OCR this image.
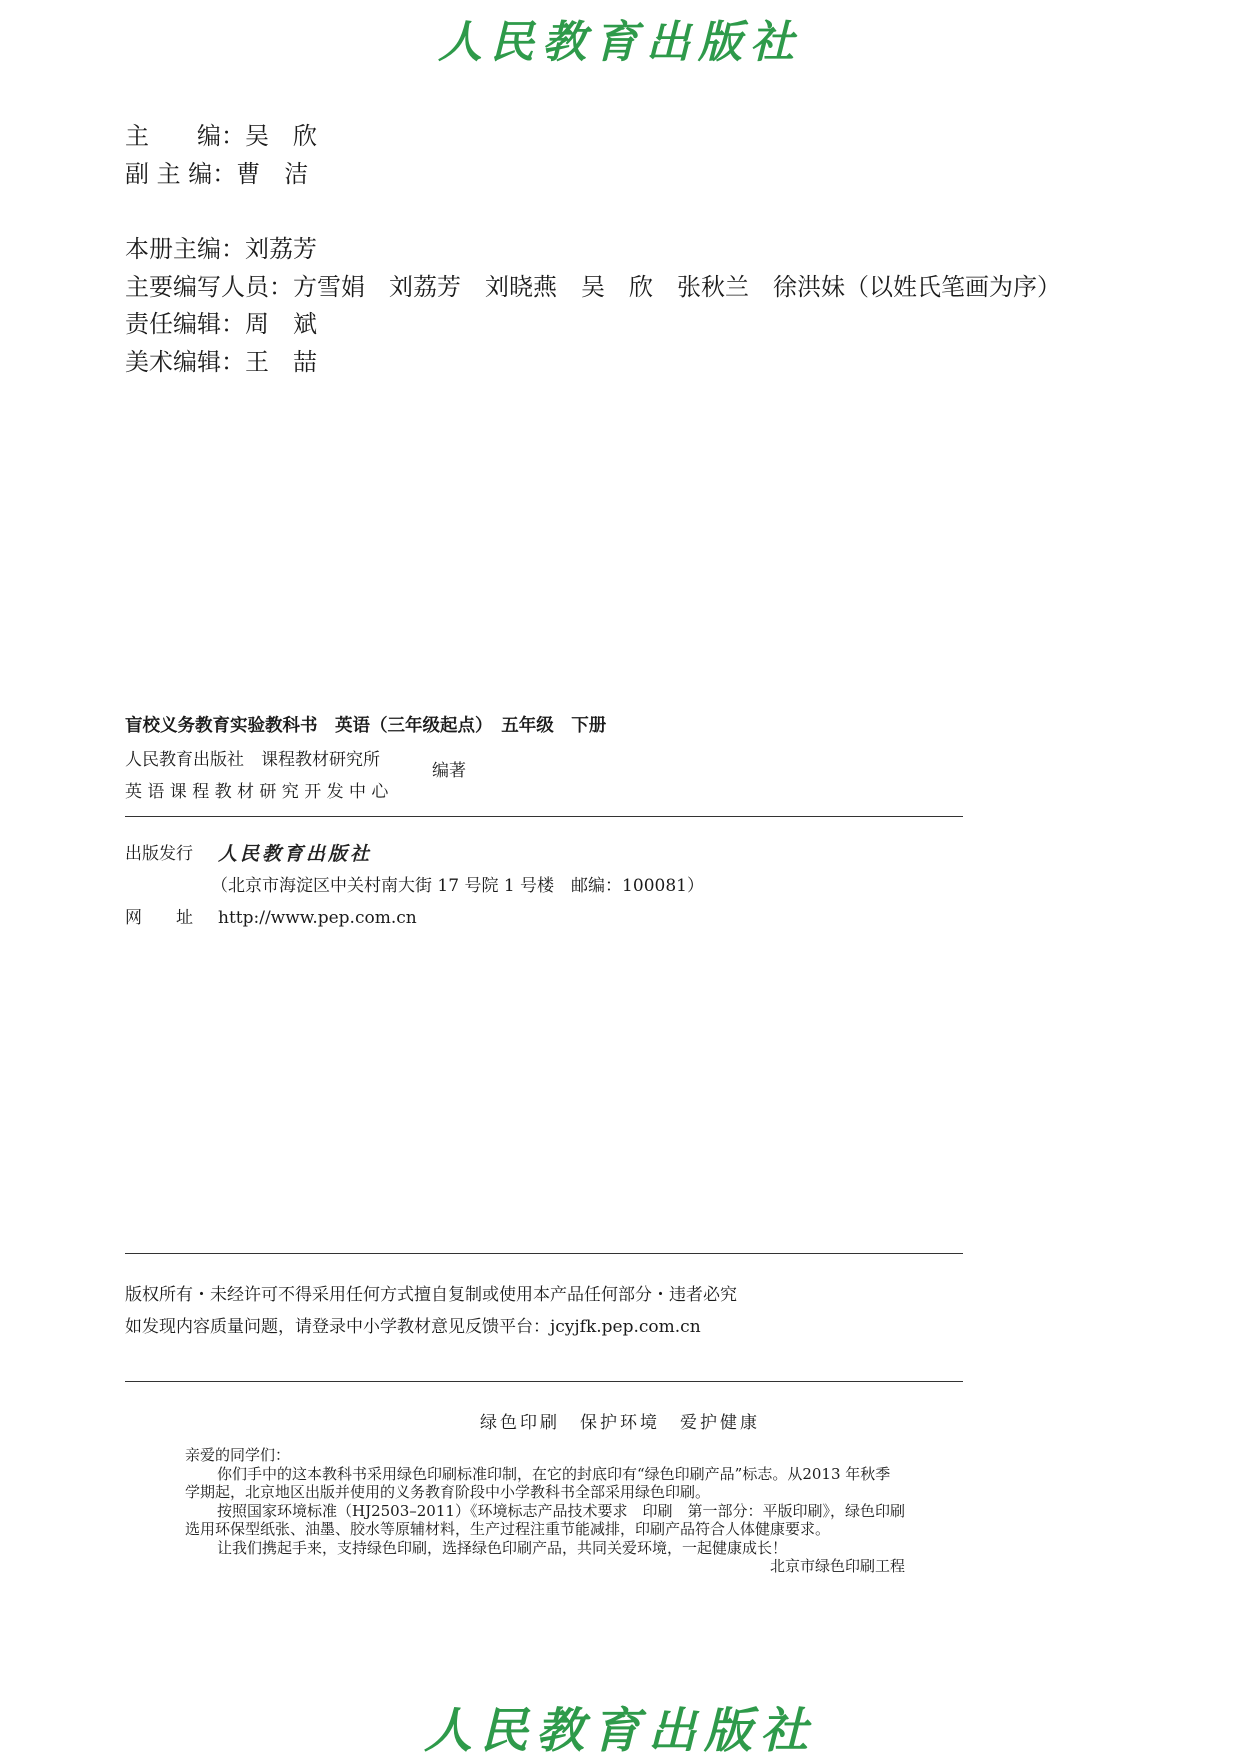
人民教育出版社
主　　编：吴　欣
副 主 编：曹　洁
本册主编：刘荔芳
主要编写人员：方雪娟　刘荔芳　刘晓燕　吴　欣　张秋兰　徐洪妹（以姓氏笔画为序）
责任编辑：周　斌
美术编辑：王　喆
盲校义务教育实验教科书　英语（三年级起点）　五年级　下册
人民教育出版社　课程教材研究所
英语课程教材研究开发中心
编著
出版发行 人民教育出版社
（北京市海淀区中关村南大街 17 号院 1 号楼　邮编：100081）
网　　址 http://www.pep.com.cn
版权所有・未经许可不得采用任何方式擅自复制或使用本产品任何部分・违者必究
如发现内容质量问题，请登录中小学教材意见反馈平台：jcyjfk.pep.com.cn
绿色印刷　保护环境　爱护健康

亲爱的同学们：

你们手中的这本教科书采用绿色印刷标准印制，在它的封底印有“绿色印刷产品”标志。从2013 年秋季学期起，北京地区出版并使用的义务教育阶段中小学教科书全部采用绿色印刷。

按照国家环境标准（HJ2503–2011）《环境标志产品技术要求　印刷　第一部分：平版印刷》，绿色印刷选用环保型纸张、油墨、胶水等原辅材料，生产过程注重节能减排，印刷产品符合人体健康要求。

让我们携起手来，支持绿色印刷，选择绿色印刷产品，共同关爱环境，一起健康成长！

北京市绿色印刷工程

人民教育出版社
